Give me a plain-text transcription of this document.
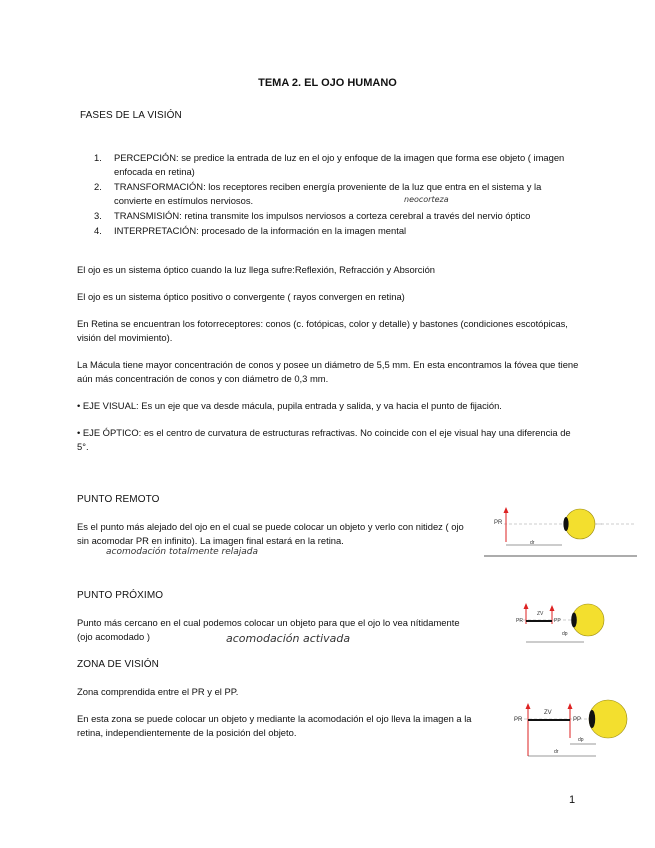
TEMA 2. EL OJO HUMANO
FASES DE LA VISIÓN
1. PERCEPCIÓN: se predice la entrada de luz en el ojo y enfoque de la imagen que forma ese objeto ( imagen enfocada en retina)
2. TRANSFORMACIÓN: los receptores reciben energía proveniente de la luz que entra en el sistema y la convierte en estímulos nerviosos.
3. TRANSMISIÓN: retina transmite los impulsos nerviosos a corteza cerebral a través del nervio óptico
4. INTERPRETACIÓN: procesado de la información en la imagen mental
neocorteza
El ojo es un sistema óptico cuando la luz llega sufre:Reflexión, Refracción y Absorción
El ojo es un sistema óptico positivo o convergente ( rayos convergen en retina)
En Retina se encuentran los fotorreceptores: conos (c. fotópicas, color y detalle) y bastones (condiciones escotópicas, visión del movimiento).
La Mácula tiene mayor concentración de conos y posee un diámetro de 5,5 mm. En esta encontramos la fóvea que tiene aún más concentración de conos y con diámetro de 0,3 mm.
• EJE VISUAL: Es un eje que va desde mácula, pupila entrada y salida, y va hacia el punto de fijación.
• EJE ÓPTICO: es el centro de curvatura de estructuras refractivas. No coincide con el eje visual hay una diferencia de 5°.
PUNTO REMOTO
Es el punto más alejado del ojo en el cual se puede colocar un objeto y verlo con nitidez ( ojo sin acomodar PR en infinito). La imagen final estará en la retina.
acomodación totalmente relajada
PR
dr
PUNTO PRÓXIMO
Punto más cercano en el cual podemos colocar un objeto para que el ojo lo vea nítidamente (ojo acomodado )	acomodación activada
PR	PP
ZV
dp
ZONA DE VISIÓN
Zona comprendida entre el PR y el PP.
En esta zona se puede colocar un objeto y mediante la acomodación el ojo lleva la imagen a la retina, independientemente de la posición del objeto.
PR	PP
ZV
dp
dr
1
